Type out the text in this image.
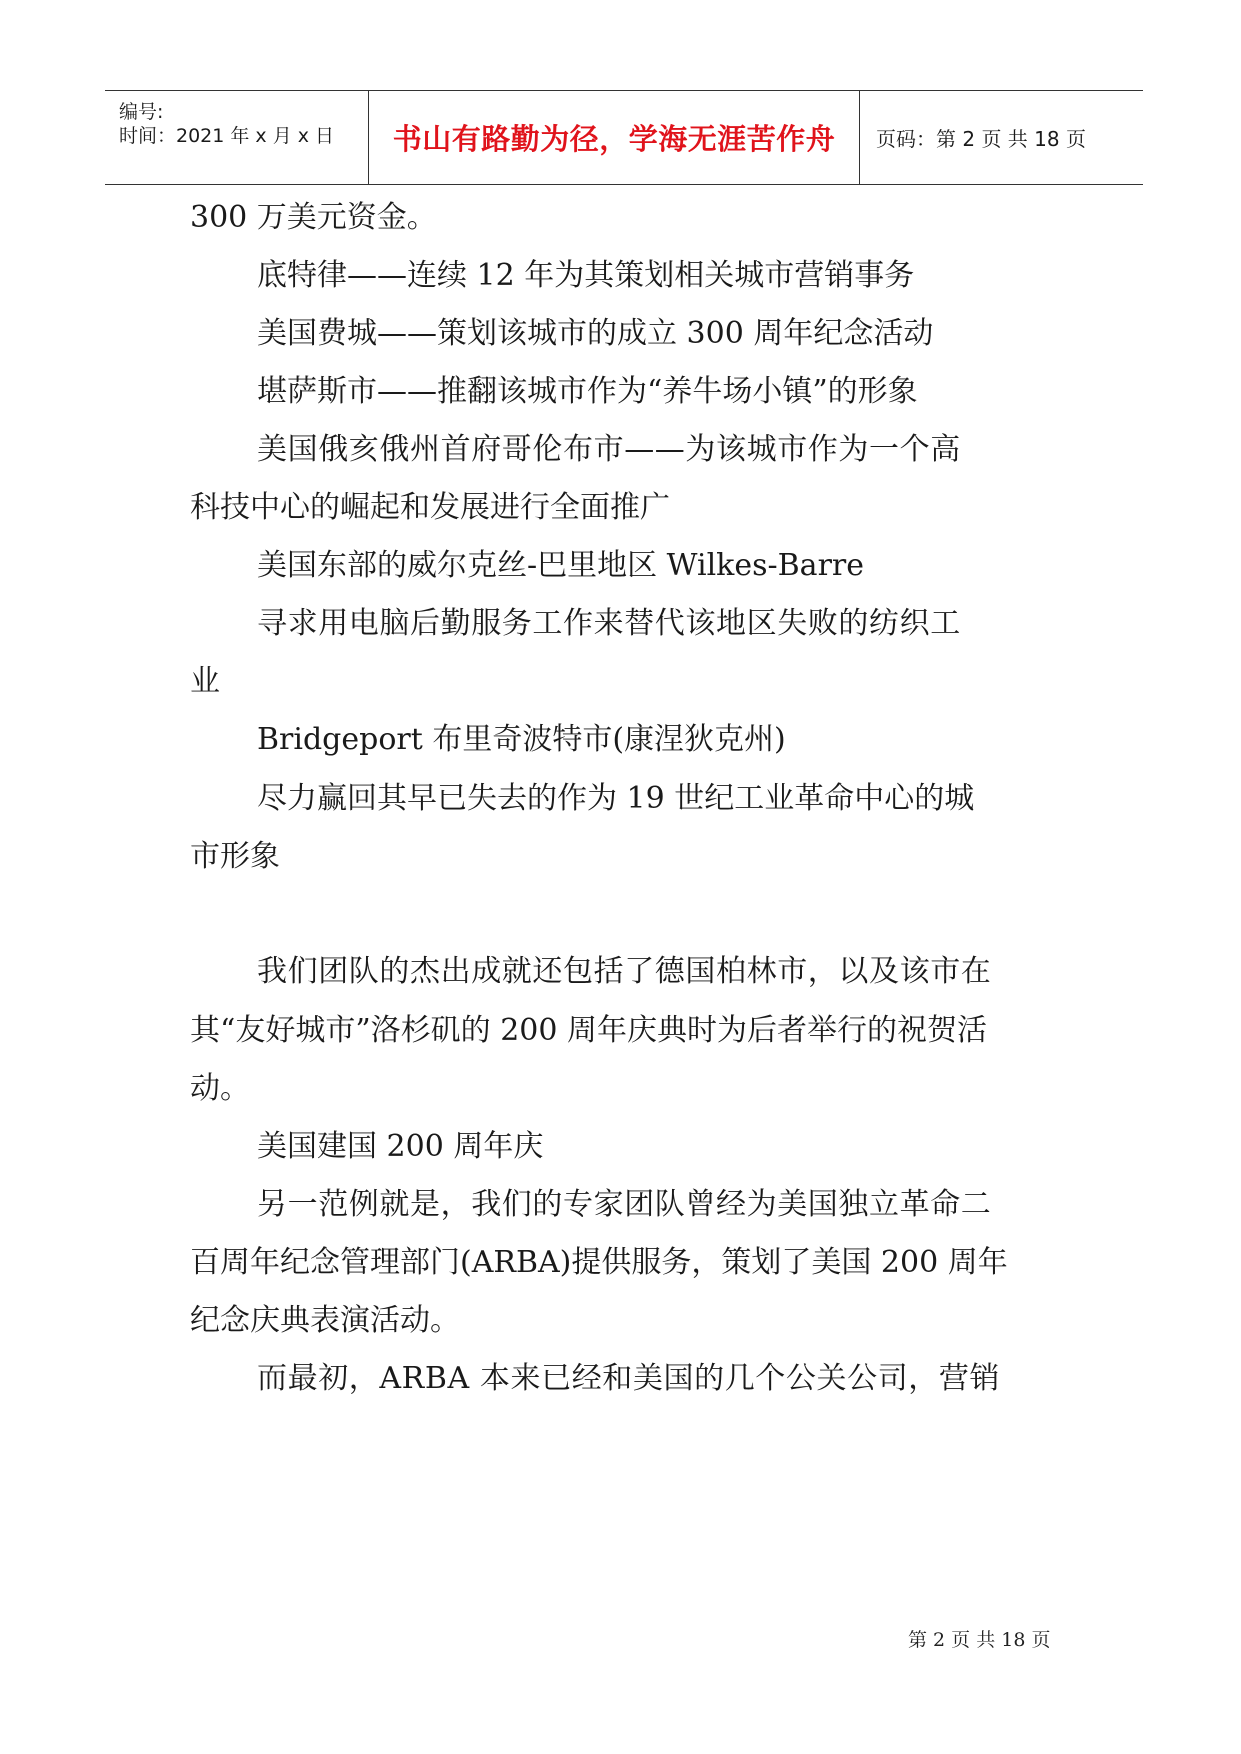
编号:
时间：2021 年 x 月 x 日 书山有路勤为径，学海无涯苦作舟 页码：第 2 页 共 18 页
300 万美元资金。
底特律——连续 12 年为其策划相关城市营销事务
美国费城——策划该城市的成立 300 周年纪念活动
堪萨斯市——推翻该城市作为“养牛场小镇”的形象
美国俄亥俄州首府哥伦布市——为该城市作为一个高
科技中心的崛起和发展进行全面推广
美国东部的威尔克丝-巴里地区 Wilkes-Barre
寻求用电脑后勤服务工作来替代该地区失败的纺织工
业
Bridgeport 布里奇波特市(康涅狄克州)
尽力赢回其早已失去的作为 19 世纪工业革命中心的城
市形象
我们团队的杰出成就还包括了德国柏林市，以及该市在
其“友好城市”洛杉矶的 200 周年庆典时为后者举行的祝贺活
动。
美国建国 200 周年庆
另一范例就是，我们的专家团队曾经为美国独立革命二
百周年纪念管理部门(ARBA)提供服务，策划了美国 200 周年
纪念庆典表演活动。
而最初，ARBA 本来已经和美国的几个公关公司，营销
第 2 页 共 18 页
